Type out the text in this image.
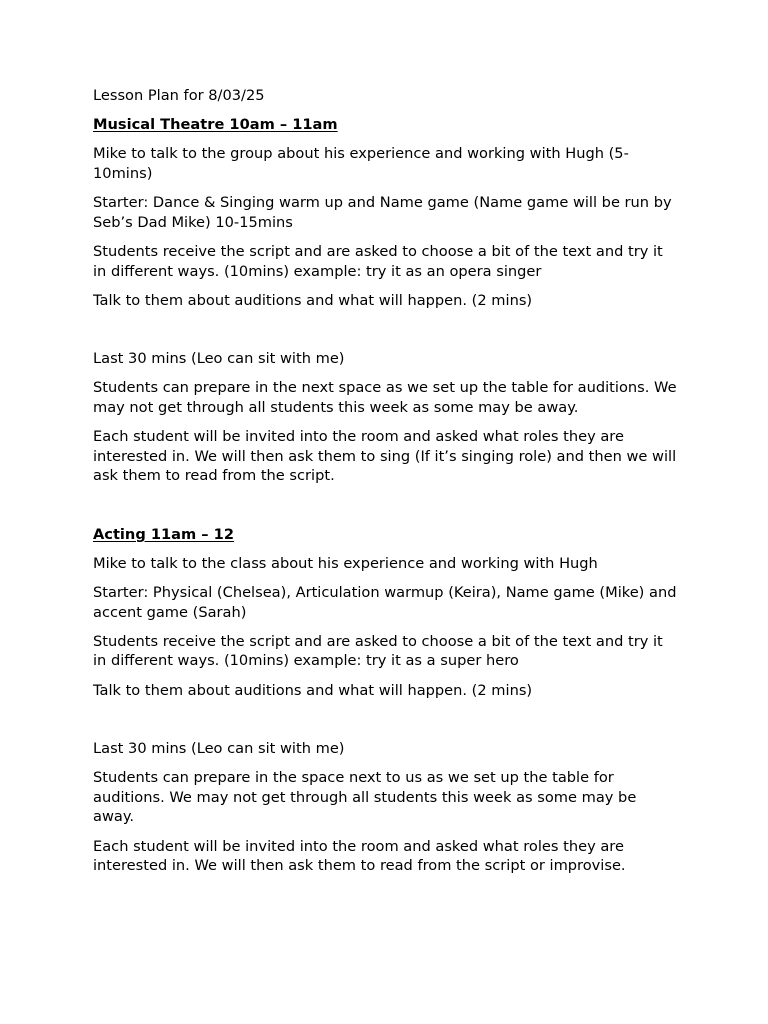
Lesson Plan for 8/03/25

Musical Theatre 10am – 11am

Mike to talk to the group about his experience and working with Hugh (5-10mins)

Starter: Dance & Singing warm up and Name game (Name game will be run by Seb’s Dad Mike) 10-15mins

Students receive the script and are asked to choose a bit of the text and try it in different ways. (10mins) example: try it as an opera singer

Talk to them about auditions and what will happen. (2 mins)

Last 30 mins (Leo can sit with me)

Students can prepare in the next space as we set up the table for auditions. We may not get through all students this week as some may be away.

Each student will be invited into the room and asked what roles they are interested in. We will then ask them to sing (If it’s singing role) and then we will ask them to read from the script.

Acting 11am – 12

Mike to talk to the class about his experience and working with Hugh

Starter: Physical (Chelsea), Articulation warmup (Keira), Name game (Mike) and accent game (Sarah)

Students receive the script and are asked to choose a bit of the text and try it in different ways. (10mins) example: try it as a super hero

Talk to them about auditions and what will happen. (2 mins)

Last 30 mins (Leo can sit with me)

Students can prepare in the space next to us as we set up the table for auditions. We may not get through all students this week as some may be away.

Each student will be invited into the room and asked what roles they are interested in. We will then ask them to read from the script or improvise.
